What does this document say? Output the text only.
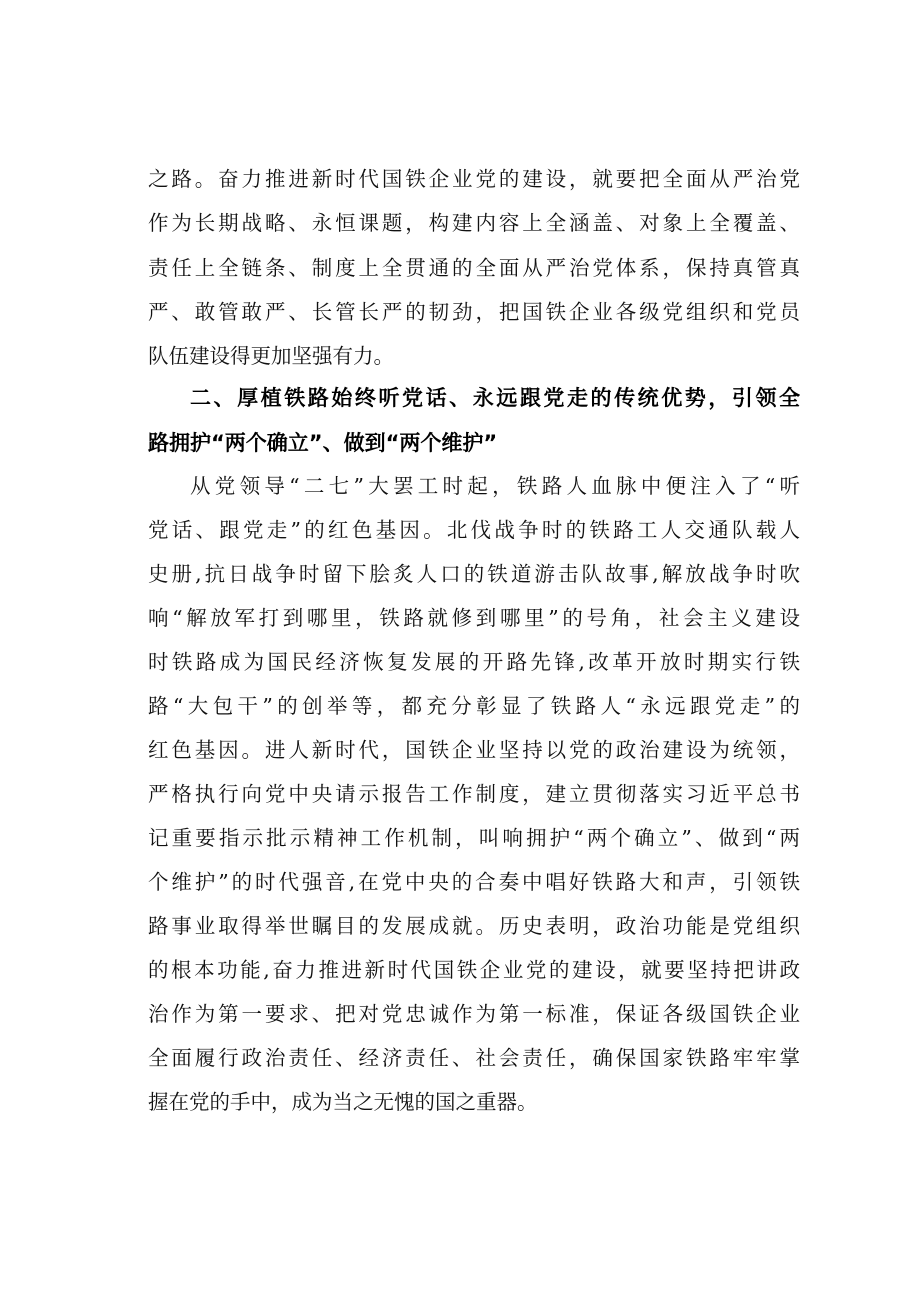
之路。奋力推进新时代国铁企业党的建设，就要把全面从严治党
作为长期战略、永恒课题，构建内容上全涵盖、对象上全覆盖、
责任上全链条、制度上全贯通的全面从严治党体系，保持真管真
严、敢管敢严、长管长严的韧劲，把国铁企业各级党组织和党员
队伍建设得更加坚强有力。
二、厚植铁路始终听党话、永远跟党走的传统优势，引领全
路拥护“两个确立”、做到“两个维护”
从党领导“二七”大罢工时起，铁路人血脉中便注入了“听
党话、跟党走”的红色基因。北伐战争时的铁路工人交通队载人
史册,抗日战争时留下脍炙人口的铁道游击队故事,解放战争时吹
响“解放军打到哪里，铁路就修到哪里”的号角，社会主义建设
时铁路成为国民经济恢复发展的开路先锋,改革开放时期实行铁
路“大包干”的创举等，都充分彰显了铁路人“永远跟党走”的
红色基因。进人新时代，国铁企业坚持以党的政治建设为统领，
严格执行向党中央请示报告工作制度，建立贯彻落实习近平总书
记重要指示批示精神工作机制，叫响拥护“两个确立”、做到“两
个维护”的时代强音,在党中央的合奏中唱好铁路大和声，引领铁
路事业取得举世瞩目的发展成就。历史表明，政治功能是党组织
的根本功能,奋力推进新时代国铁企业党的建设，就要坚持把讲政
治作为第一要求、把对党忠诚作为第一标准，保证各级国铁企业
全面履行政治责任、经济责任、社会责任，确保国家铁路牢牢掌
握在党的手中，成为当之无愧的国之重器。
